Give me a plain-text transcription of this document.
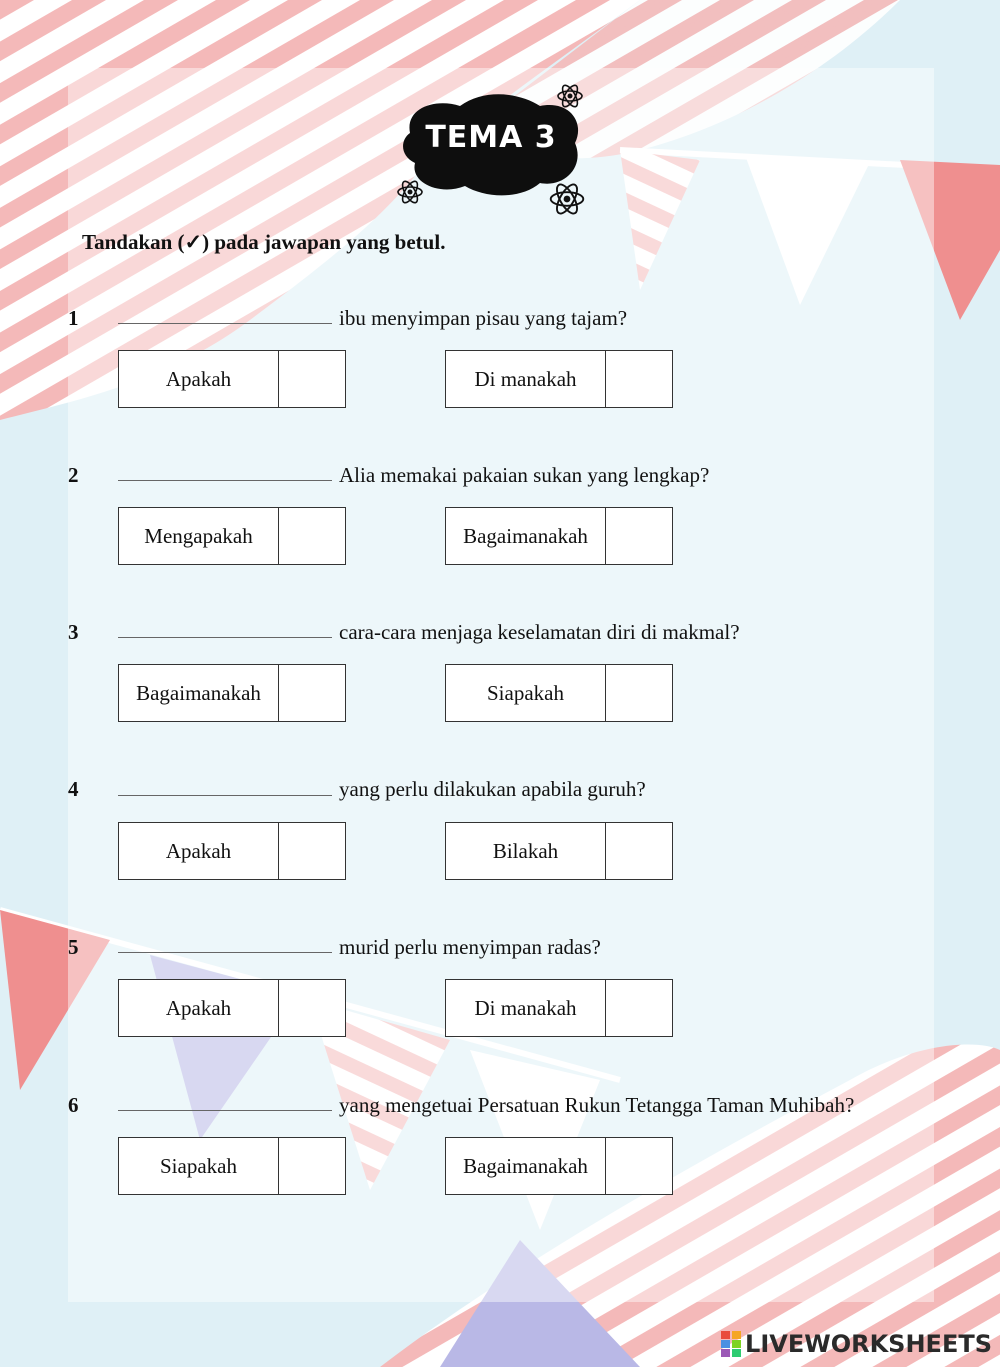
TEMA 3
Tandakan (✓) pada jawapan yang betul.
1	ibu menyimpan pisau yang tajam?
Apakah	Di manakah
2	Alia memakai pakaian sukan yang lengkap?
Mengapakah	Bagaimanakah
3	cara-cara menjaga keselamatan diri di makmal?
Bagaimanakah	Siapakah
4	yang perlu dilakukan apabila guruh?
Apakah	Bilakah
5	murid perlu menyimpan radas?
Apakah	Di manakah
6	yang mengetuai Persatuan Rukun Tetangga Taman Muhibah?
Siapakah	Bagaimanakah
LIVEWORKSHEETS
